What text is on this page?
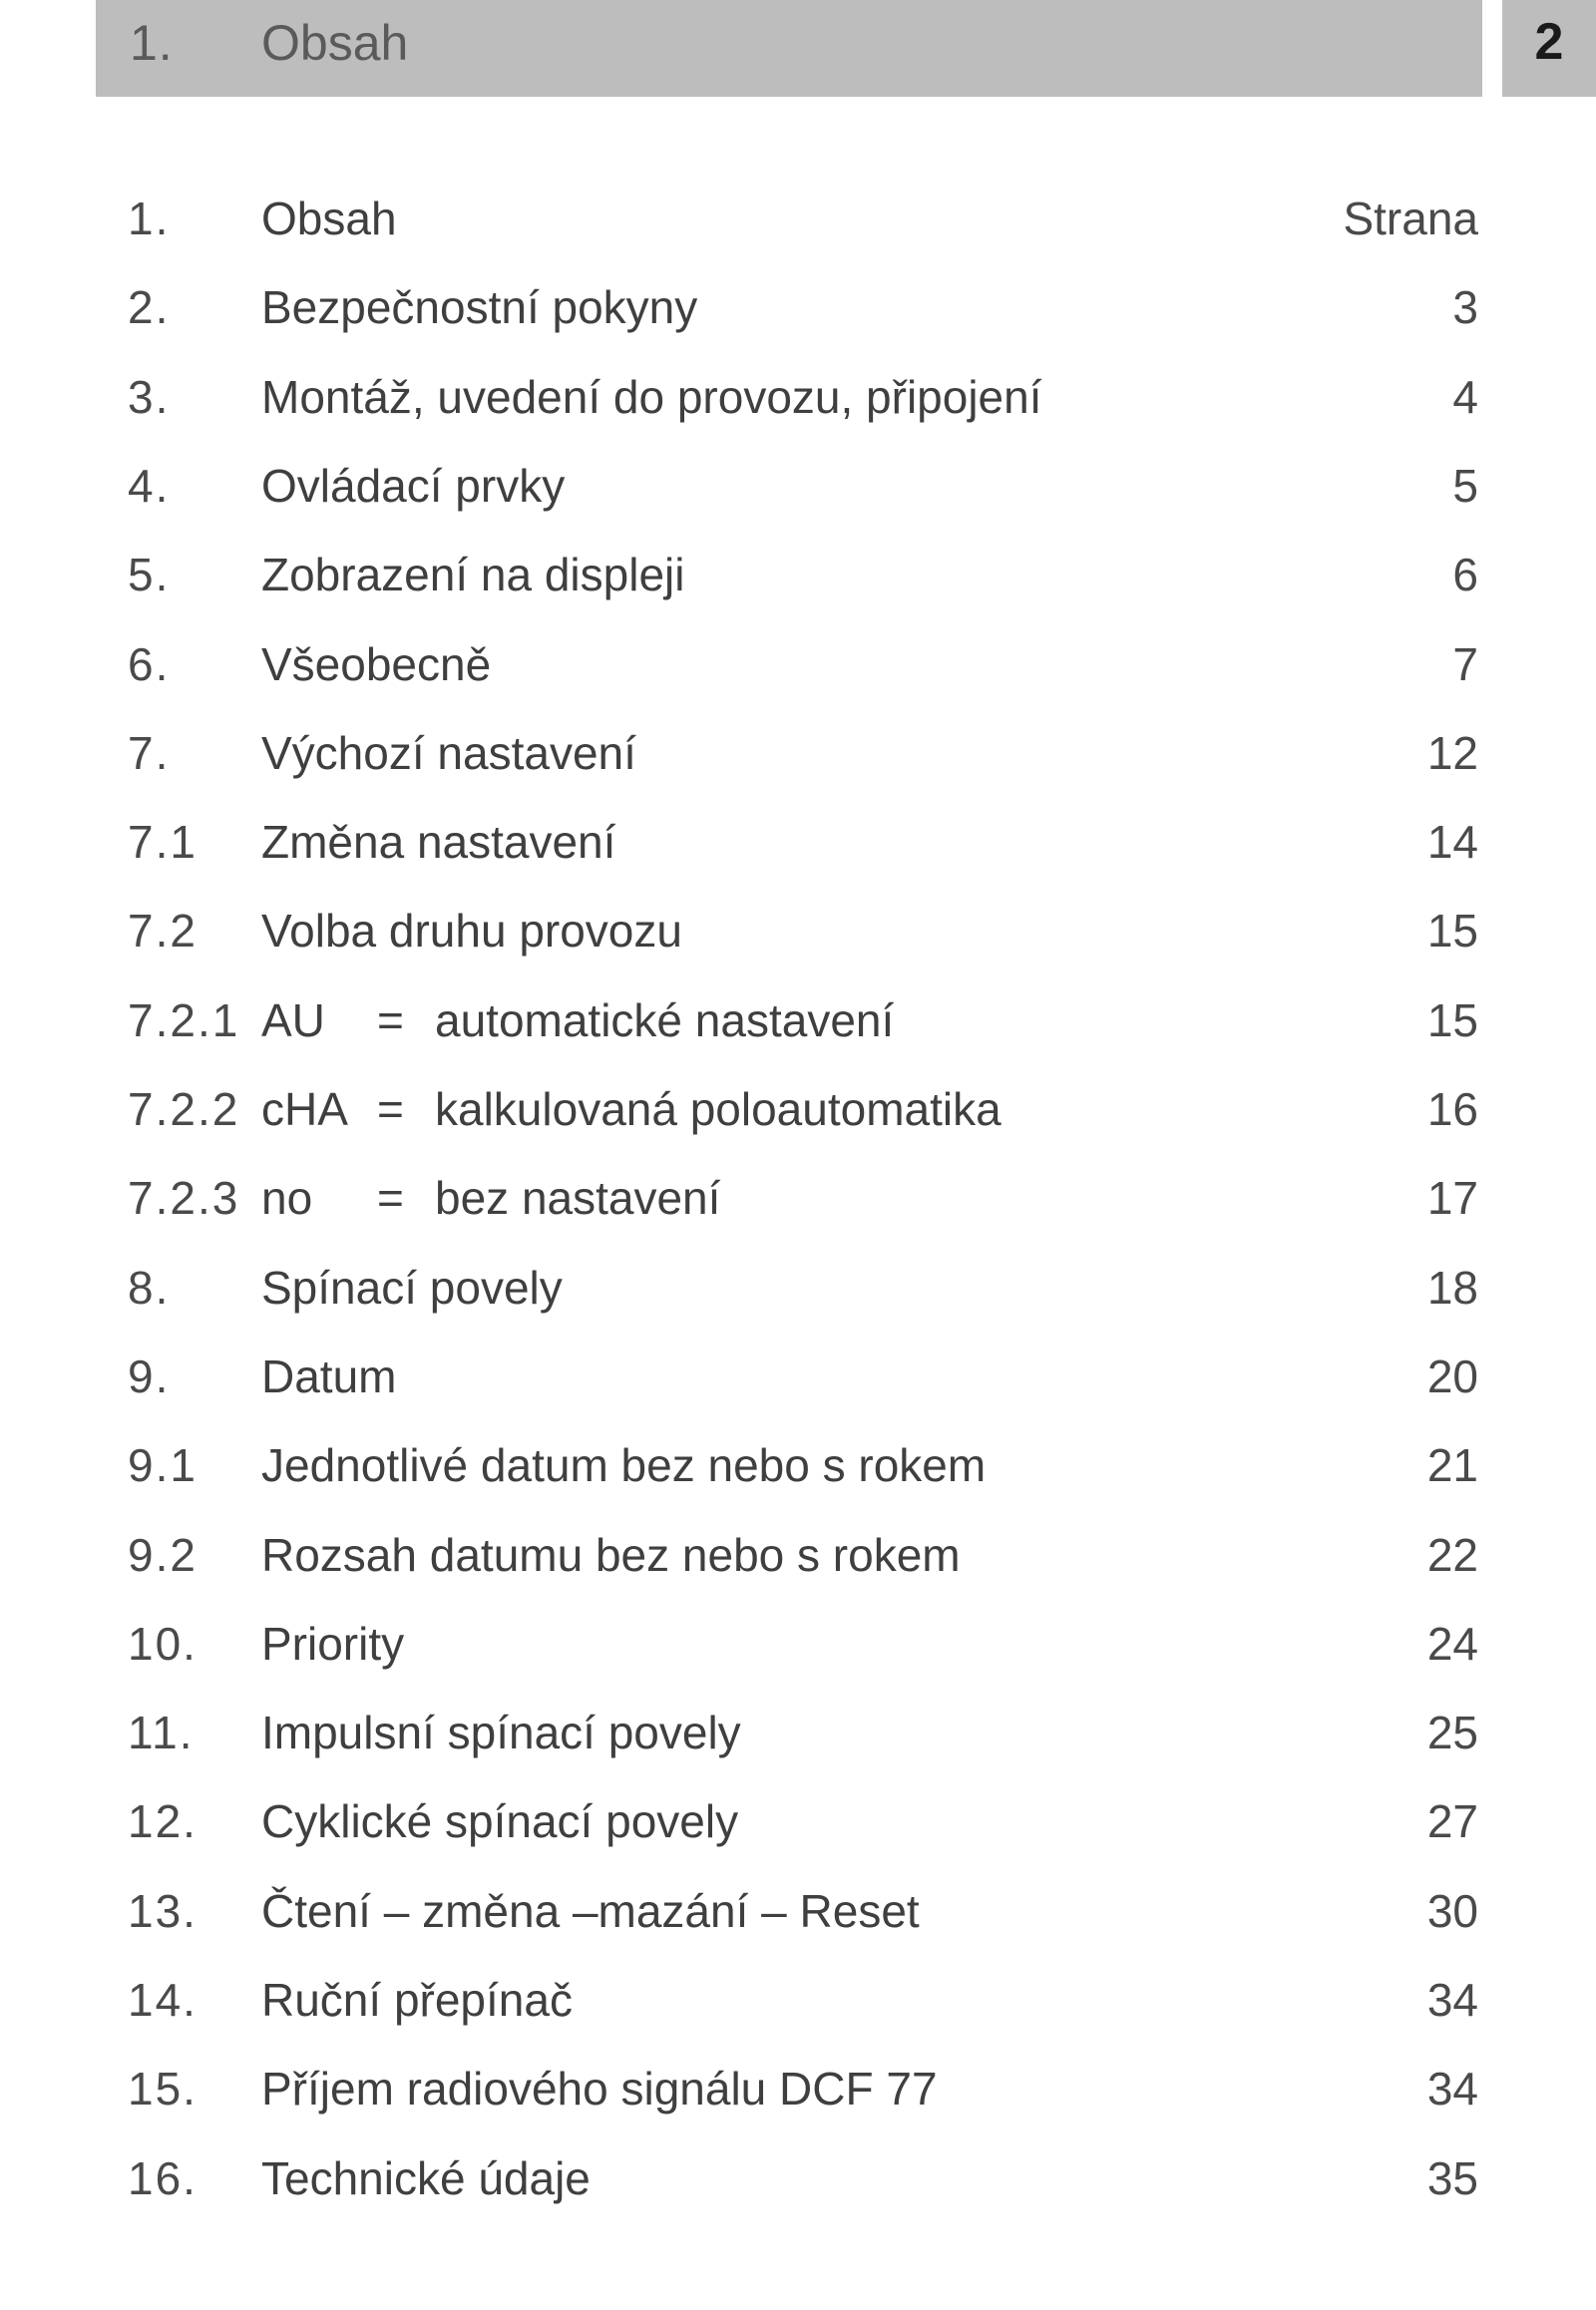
1. Obsah	2
1. Obsah	Strana
2. Bezpečnostní pokyny	3
3. Montáž, uvedení do provozu, připojení	4
4. Ovládací prvky	5
5. Zobrazení na displeji	6
6. Všeobecně	7
7. Výchozí nastavení	12
7.1 Změna nastavení	14
7.2 Volba druhu provozu	15
7.2.1 AU = automatické nastavení	15
7.2.2 cHA = kalkulovaná poloautomatika	16
7.2.3 no = bez nastavení	17
8. Spínací povely	18
9. Datum	20
9.1 Jednotlivé datum bez nebo s rokem	21
9.2 Rozsah datumu bez nebo s rokem	22
10. Priority	24
11. Impulsní spínací povely	25
12. Cyklické spínací povely	27
13. Čtení – změna –mazání – Reset	30
14. Ruční přepínač	34
15. Příjem radiového signálu DCF 77	34
16. Technické údaje	35
